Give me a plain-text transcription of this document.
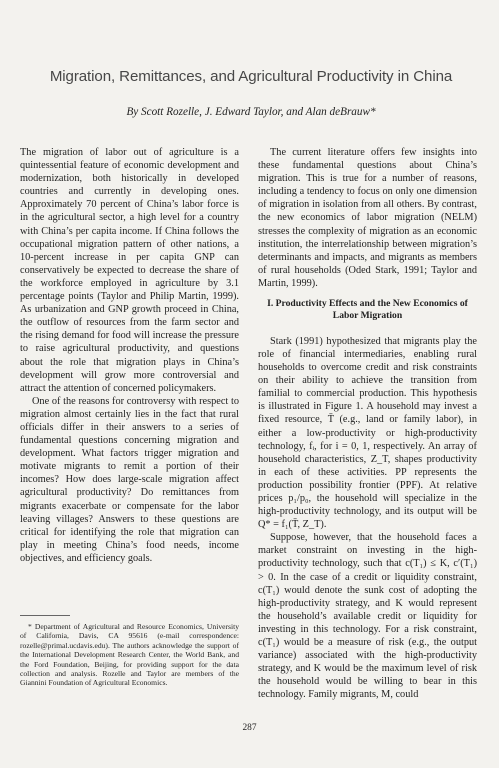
Migration, Remittances, and Agricultural Productivity in China
By Scott Rozelle, J. Edward Taylor, and Alan deBrauw*

The migration of labor out of agriculture is a quintessential feature of economic development and modernization, both historically in developed countries and currently in developing ones. Approximately 70 percent of China’s labor force is in the agricultural sector, a high level for a country with China’s per capita income. If China follows the occupational migration pattern of other nations, a 10-percent increase in per capita GNP can conservatively be expected to decrease the share of the workforce employed in agriculture by 3.1 percentage points (Taylor and Philip Martin, 1999). As urbanization and GNP growth proceed in China, the outflow of resources from the farm sector and the rising demand for food will increase the pressure to raise agricultural productivity, and questions about the role that migration plays in China’s development will grow more controversial and attract the attention of concerned policymakers.

One of the reasons for controversy with respect to migration almost certainly lies in the fact that rural officials differ in their answers to a series of fundamental questions concerning migration and development. What factors trigger migration and motivate migrants to remit a portion of their incomes? How does large-scale migration affect agricultural productivity? Do remittances from migrants exacerbate or compensate for the labor leaving villages? Answers to these questions are critical for identifying the role that migration can play in meeting China’s food needs, income objectives, and efficiency goals.

The current literature offers few insights into these fundamental questions about China’s migration. This is true for a number of reasons, including a tendency to focus on only one dimension of migration in isolation from all others. By contrast, the new economics of labor migration (NELM) stresses the complexity of migration as an economic institution, the interrelationship between migration’s determinants and impacts, and migrants as members of rural households (Oded Stark, 1991; Taylor and Martin, 1999).

I. Productivity Effects and the New Economics of Labor Migration

Stark (1991) hypothesized that migrants play the role of financial intermediaries, enabling rural households to overcome credit and risk constraints on their ability to achieve the transition from familial to commercial production. This hypothesis is illustrated in Figure 1. A household may invest a fixed resource, T̄ (e.g., land or family labor), in either a low-productivity or high-productivity technology, fᵢ, for i = 0, 1, respectively. An array of household characteristics, Z_T, shapes productivity in each of these activities. PP represents the production possibility frontier (PPF). At relative prices p₁/p₀, the household will specialize in the high-productivity technology, and its output will be Q* = f₁(T̄, Z_T).

Suppose, however, that the household faces a market constraint on investing in the high-productivity technology, such that c(T₁) ≤ K, c′(T₁) > 0. In the case of a credit or liquidity constraint, c(T₁) would denote the sunk cost of adopting the high-productivity strategy, and K would represent the household’s available credit or liquidity for investing in this technology. For a risk constraint, c(T₁) would be a measure of risk (e.g., the output variance) associated with the high-productivity strategy, and K would be the maximum level of risk the household would be willing to bear in this technology. Family migrants, M, could

* Department of Agricultural and Resource Economics, University of California, Davis, CA 95616 (e-mail correspondence: rozelle@primal.ucdavis.edu). The authors acknowledge the support of the International Development Research Center, the World Bank, and the Ford Foundation, Beijing, for providing support for the data collection and analysis. Rozelle and Taylor are members of the Giannini Foundation of Agricultural Economics.

287
